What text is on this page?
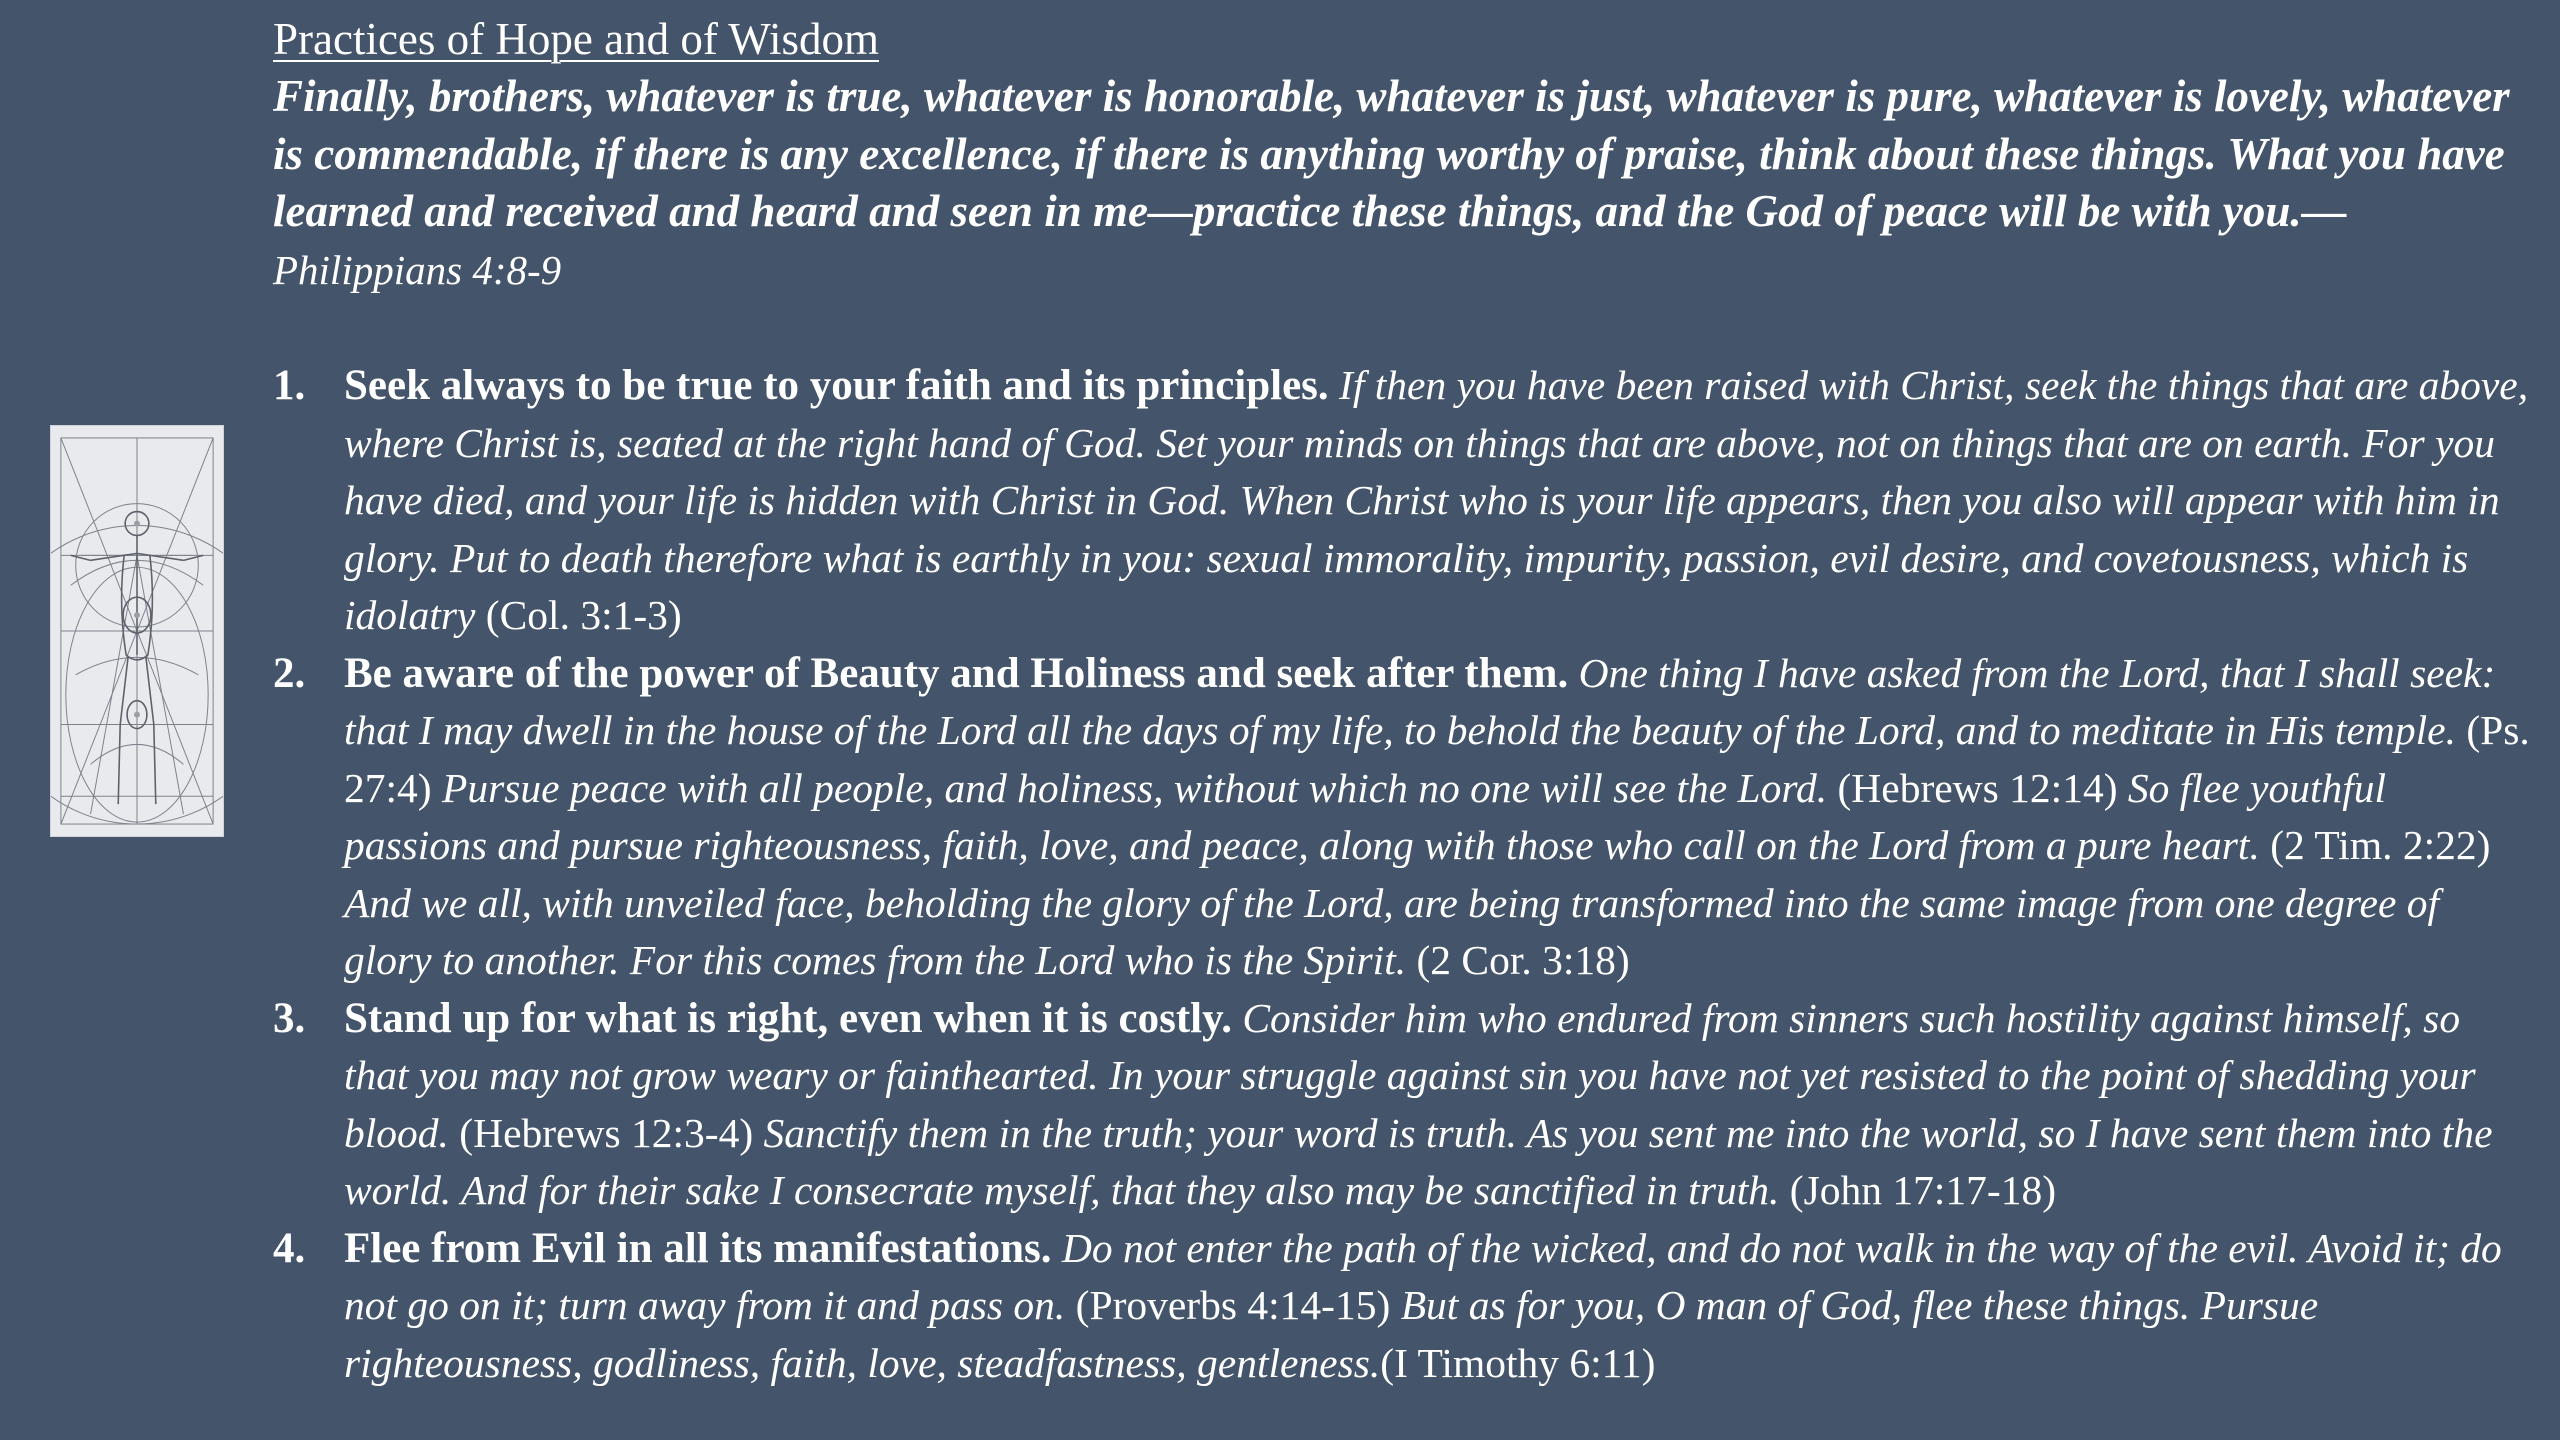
Practices of Hope and of Wisdom
Finally, brothers, whatever is true, whatever is honorable, whatever is just, whatever is pure, whatever is lovely, whatever is commendable, if there is any excellence, if there is anything worthy of praise, think about these things. What you have learned and received and heard and seen in me—practice these things, and the God of peace will be with you.—Philippians 4:8-9
1. Seek always to be true to your faith and its principles. If then you have been raised with Christ, seek the things that are above, where Christ is, seated at the right hand of God. Set your minds on things that are above, not on things that are on earth. For you have died, and your life is hidden with Christ in God. When Christ who is your life appears, then you also will appear with him in glory. Put to death therefore what is earthly in you: sexual immorality, impurity, passion, evil desire, and covetousness, which is idolatry (Col. 3:1-3)
2. Be aware of the power of Beauty and Holiness and seek after them. One thing I have asked from the Lord, that I shall seek: that I may dwell in the house of the Lord all the days of my life, to behold the beauty of the Lord, and to meditate in His temple. (Ps. 27:4) Pursue peace with all people, and holiness, without which no one will see the Lord. (Hebrews 12:14) So flee youthful passions and pursue righteousness, faith, love, and peace, along with those who call on the Lord from a pure heart. (2 Tim. 2:22) And we all, with unveiled face, beholding the glory of the Lord, are being transformed into the same image from one degree of glory to another. For this comes from the Lord who is the Spirit. (2 Cor. 3:18)
3. Stand up for what is right, even when it is costly. Consider him who endured from sinners such hostility against himself, so that you may not grow weary or fainthearted. In your struggle against sin you have not yet resisted to the point of shedding your blood. (Hebrews 12:3-4) Sanctify them in the truth; your word is truth. As you sent me into the world, so I have sent them into the world. And for their sake I consecrate myself, that they also may be sanctified in truth. (John 17:17-18)
4. Flee from Evil in all its manifestations. Do not enter the path of the wicked, and do not walk in the way of the evil. Avoid it; do not go on it; turn away from it and pass on. (Proverbs 4:14-15) But as for you, O man of God, flee these things. Pursue righteousness, godliness, faith, love, steadfastness, gentleness.(I Timothy 6:11)
